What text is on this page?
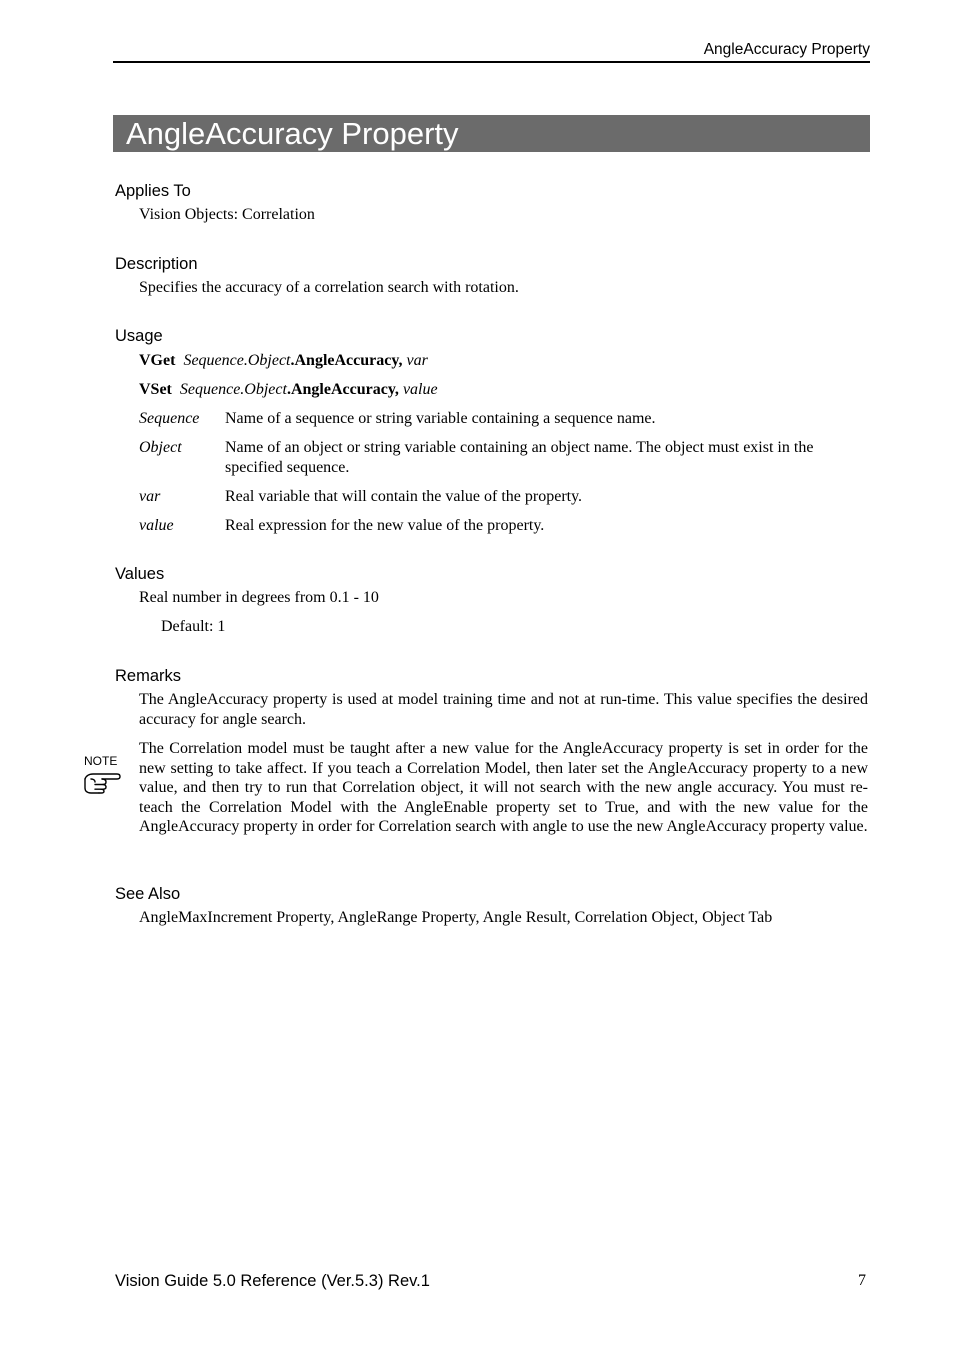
AngleAccuracy Property
AngleAccuracy Property
Applies To
Vision Objects: Correlation
Description
Specifies the accuracy of a correlation search with rotation.
Usage
VGet Sequence.Object.AngleAccuracy, var
VSet Sequence.Object.AngleAccuracy, value
Sequence Name of a sequence or string variable containing a sequence name.
Object	Name of an object or string variable containing an object name. The object must exist in the specified sequence.
var	Real variable that will contain the value of the property.
value	Real expression for the new value of the property.
Values
Real number in degrees from 0.1 - 10
Default: 1
Remarks
The AngleAccuracy property is used at model training time and not at run-time. This value specifies the desired accuracy for angle search.
NOTE
The Correlation model must be taught after a new value for the AngleAccuracy property is set in order for the new setting to take affect. If you teach a Correlation Model, then later set the AngleAccuracy property to a new value, and then try to run that Correlation object, it will not search with the new angle accuracy. You must re-teach the Correlation Model with the AngleEnable property set to True, and with the new value for the AngleAccuracy property in order for Correlation search with angle to use the new AngleAccuracy property value.
See Also
AngleMaxIncrement Property, AngleRange Property, Angle Result, Correlation Object, Object Tab
Vision Guide 5.0 Reference (Ver.5.3) Rev.1	7
